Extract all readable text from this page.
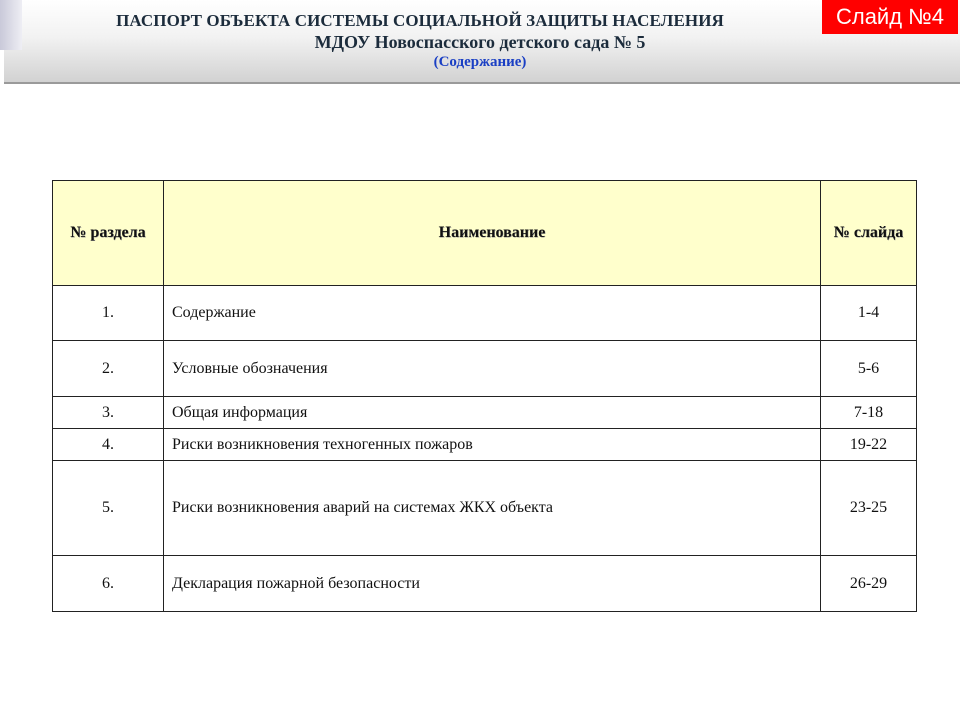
ПАСПОРТ ОБЪЕКТА СИСТЕМЫ СОЦИАЛЬНОЙ ЗАЩИТЫ НАСЕЛЕНИЯ
МДОУ Новоспасского детского сада № 5
(Содержание)
Слайд №4
№ раздела	Наименование	№ слайда
1.	Содержание	1-4
2.	Условные обозначения	5-6
3.	Общая информация	7-18
4.	Риски возникновения техногенных пожаров	19-22
5.	Риски возникновения аварий на системах ЖКХ объекта	23-25
6.	Декларация пожарной безопасности	26-29
